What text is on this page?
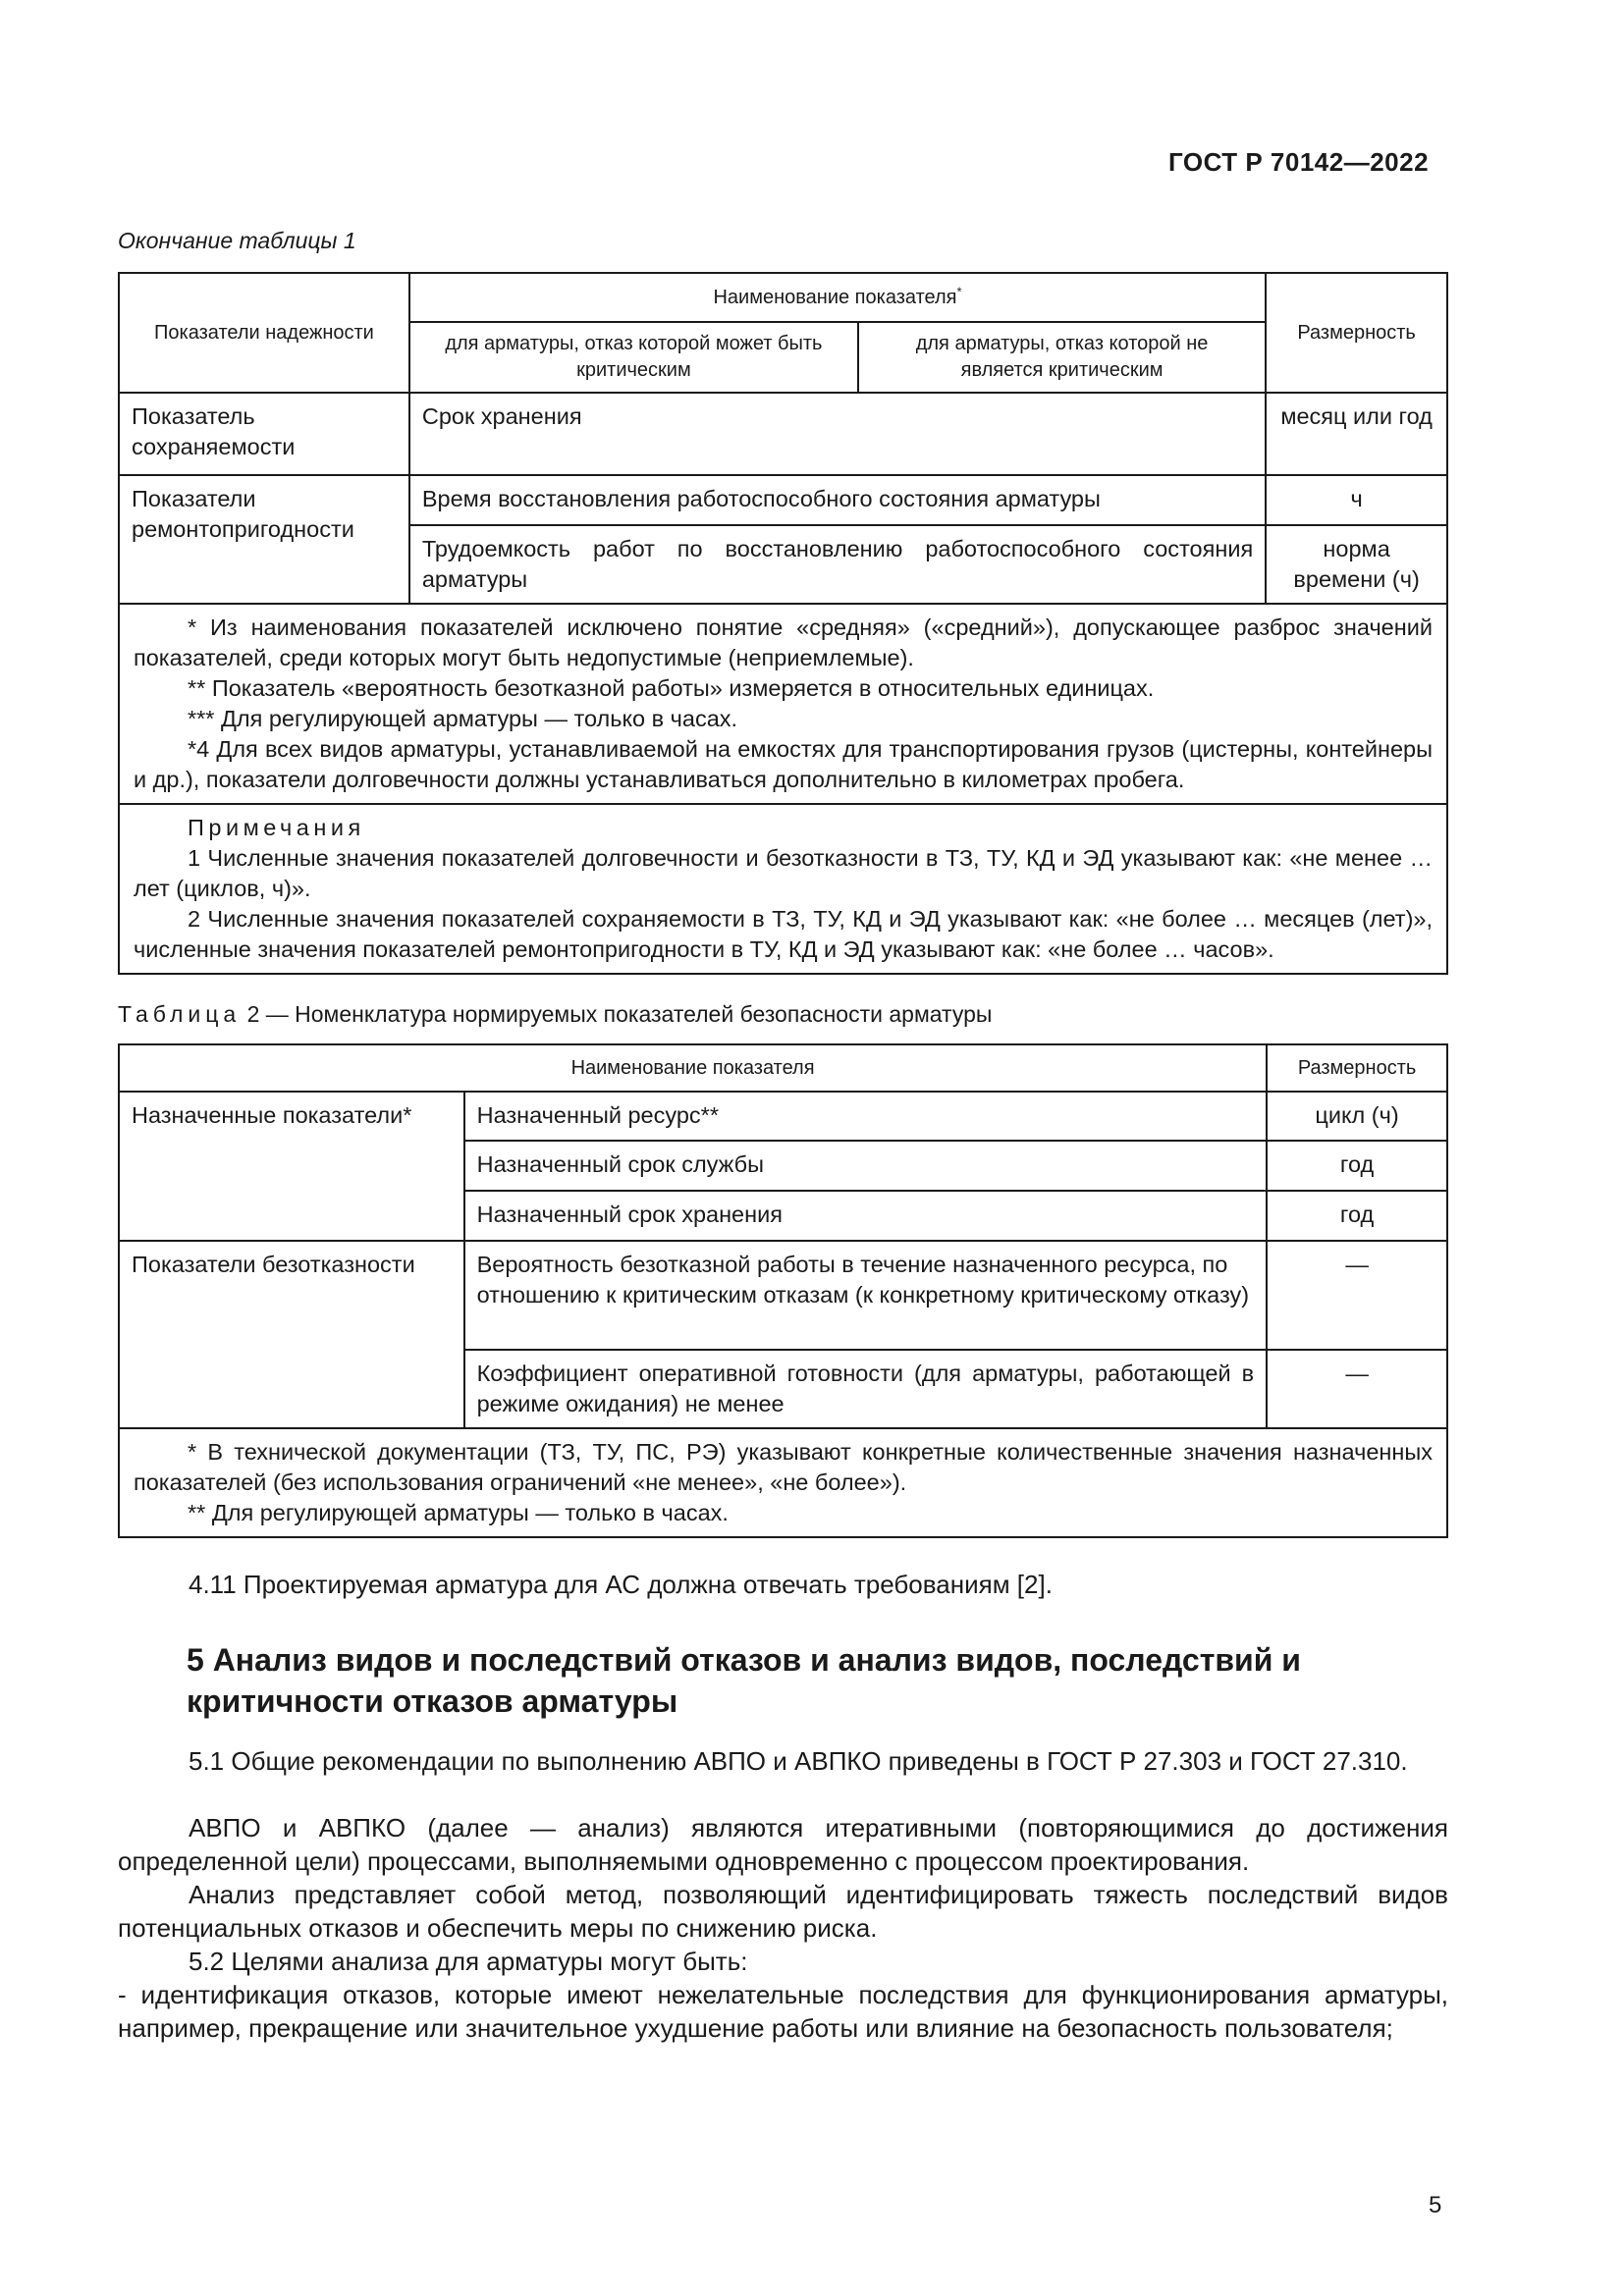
ГОСТ Р 70142—2022
Окончание таблицы 1
Показатели надежности	Наименование показателя*		Размерность
	для арматуры, отказ которой может быть критическим	для арматуры, отказ которой не является критическим	
Показатель сохраняемости	Срок хранения		месяц или год
Показатели ремонтопригодности	Время восстановления работоспособного состояния арматуры		ч
	Трудоемкость работ по восстановлению работоспособного состояния арматуры		норма времени (ч)

* Из наименования показателей исключено понятие «средняя» («средний»), допускающее разброс значений показателей, среди которых могут быть недопустимые (неприемлемые).

** Показатель «вероятность безотказной работы» измеряется в относительных единицах.

*** Для регулирующей арматуры — только в часах.

*4 Для всех видов арматуры, устанавливаемой на емкостях для транспортирования грузов (цистерны, контейнеры и др.), показатели долговечности должны устанавливаться дополнительно в километрах пробега.			

Примечания

1 Численные значения показателей долговечности и безотказности в ТЗ, ТУ, КД и ЭД указывают как: «не менее … лет (циклов, ч)».

2 Численные значения показателей сохраняемости в ТЗ, ТУ, КД и ЭД указывают как: «не более … месяцев (лет)», численные значения показателей ремонтопригодности в ТУ, КД и ЭД указывают как: «не более … часов».			

Таблица 2 — Номенклатура нормируемых показателей безопасности арматуры
Наименование показателя		Размерность
Назначенные показатели*	Назначенный ресурс**	цикл (ч)
	Назначенный срок службы	год
	Назначенный срок хранения	год
Показатели безотказности	Вероятность безотказной работы в течение назначенного ресурса, по отношению к критическим отказам (к конкретному критическому отказу)	—
	Коэффициент оперативной готовности (для арматуры, работающей в режиме ожидания) не менее	—

* В технической документации (ТЗ, ТУ, ПС, РЭ) указывают конкретные количественные значения назначенных показателей (без использования ограничений «не менее», «не более»).

** Для регулирующей арматуры — только в часах.		

4.11 Проектируемая арматура для АС должна отвечать требованиям [2].

5 Анализ видов и последствий отказов и анализ видов, последствий и критичности отказов арматуры

5.1 Общие рекомендации по выполнению АВПО и АВПКО приведены в ГОСТ Р 27.303 и ГОСТ 27.310.

АВПО и АВПКО (далее — анализ) являются итеративными (повторяющимися до достижения определенной цели) процессами, выполняемыми одновременно с процессом проектирования.

Анализ представляет собой метод, позволяющий идентифицировать тяжесть последствий видов потенциальных отказов и обеспечить меры по снижению риска.

5.2 Целями анализа для арматуры могут быть:

- идентификация отказов, которые имеют нежелательные последствия для функционирования арматуры, например, прекращение или значительное ухудшение работы или влияние на безопасность пользователя;

5
